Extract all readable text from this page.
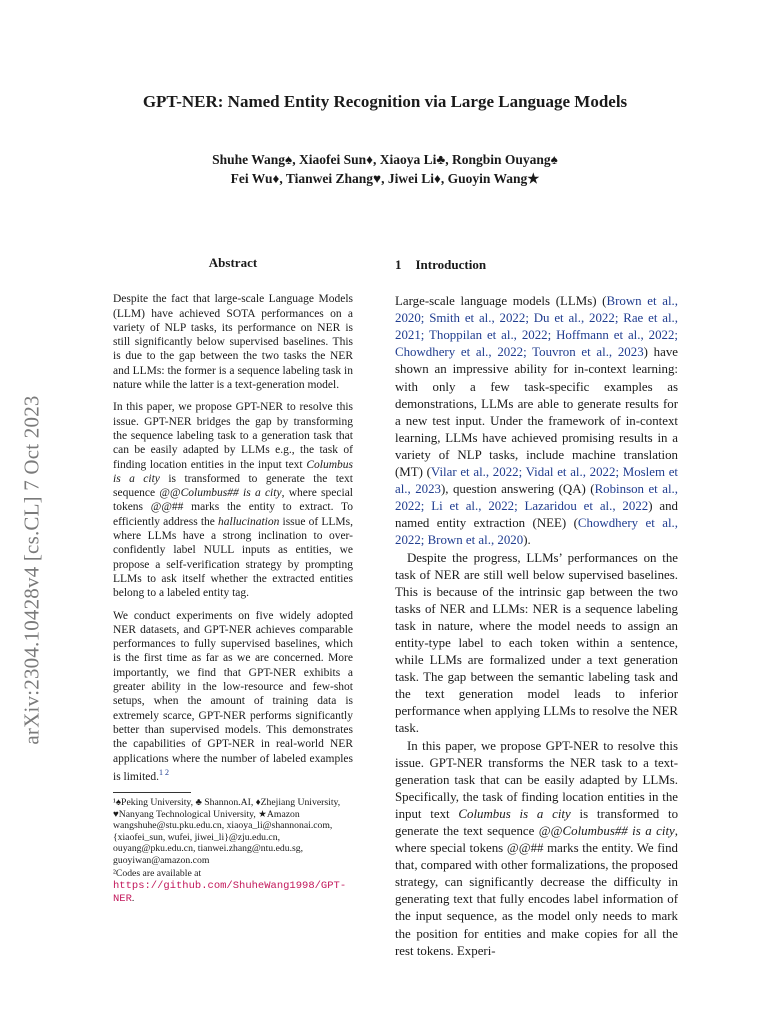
arXiv:2304.10428v4 [cs.CL] 7 Oct 2023
GPT-NER: Named Entity Recognition via Large Language Models
Shuhe Wang♠, Xiaofei Sun♦, Xiaoya Li♣, Rongbin Ouyang♠
Fei Wu♦, Tianwei Zhang♥, Jiwei Li♦, Guoyin Wang★
Abstract

Despite the fact that large-scale Language Models (LLM) have achieved SOTA performances on a variety of NLP tasks, its performance on NER is still significantly below supervised baselines. This is due to the gap between the two tasks the NER and LLMs: the former is a sequence labeling task in nature while the latter is a text-generation model.

In this paper, we propose GPT-NER to resolve this issue. GPT-NER bridges the gap by transforming the sequence labeling task to a generation task that can be easily adapted by LLMs e.g., the task of finding location entities in the input text Columbus is a city is transformed to generate the text sequence @@Columbus## is a city, where special tokens @@## marks the entity to extract. To efficiently address the hallucination issue of LLMs, where LLMs have a strong inclination to over-confidently label NULL inputs as entities, we propose a self-verification strategy by prompting LLMs to ask itself whether the extracted entities belong to a labeled entity tag.

We conduct experiments on five widely adopted NER datasets, and GPT-NER achieves comparable performances to fully supervised baselines, which is the first time as far as we are concerned. More importantly, we find that GPT-NER exhibits a greater ability in the low-resource and few-shot setups, when the amount of training data is extremely scarce, GPT-NER performs significantly better than supervised models. This demonstrates the capabilities of GPT-NER in real-world NER applications where the number of labeled examples is limited.$^{1 2}$

¹♠Peking University, ♣ Shannon.AI, ♦Zhejiang University,

♥Nanyang Technological University, ★Amazon

wangshuhe@stu.pku.edu.cn, xiaoya_li@shannonai.com,

{xiaofei_sun, wufei, jiwei_li}@zju.edu.cn,

ouyang@pku.edu.cn, tianwei.zhang@ntu.edu.sg,

guoyiwan@amazon.com

²Codes are available at https://github.com/ShuheWang1998/GPT-NER.

1 Introduction

Large-scale language models (LLMs) (Brown et al., 2020; Smith et al., 2022; Du et al., 2022; Rae et al., 2021; Thoppilan et al., 2022; Hoffmann et al., 2022; Chowdhery et al., 2022; Touvron et al., 2023) have shown an impressive ability for in-context learning: with only a few task-specific examples as demonstrations, LLMs are able to generate results for a new test input. Under the framework of in-context learning, LLMs have achieved promising results in a variety of NLP tasks, include machine translation (MT) (Vilar et al., 2022; Vidal et al., 2022; Moslem et al., 2023), question answering (QA) (Robinson et al., 2022; Li et al., 2022; Lazaridou et al., 2022) and named entity extraction (NEE) (Chowdhery et al., 2022; Brown et al., 2020).

Despite the progress, LLMs’ performances on the task of NER are still well below supervised baselines. This is because of the intrinsic gap between the two tasks of NER and LLMs: NER is a sequence labeling task in nature, where the model needs to assign an entity-type label to each token within a sentence, while LLMs are formalized under a text generation task. The gap between the semantic labeling task and the text generation model leads to inferior performance when applying LLMs to resolve the NER task.

In this paper, we propose GPT-NER to resolve this issue. GPT-NER transforms the NER task to a text-generation task that can be easily adapted by LLMs. Specifically, the task of finding location entities in the input text Columbus is a city is transformed to generate the text sequence @@Columbus## is a city, where special tokens @@## marks the entity. We find that, compared with other formalizations, the proposed strategy, can significantly decrease the difficulty in generating text that fully encodes label information of the input sequence, as the model only needs to mark the position for entities and make copies for all the rest tokens. Experi-
